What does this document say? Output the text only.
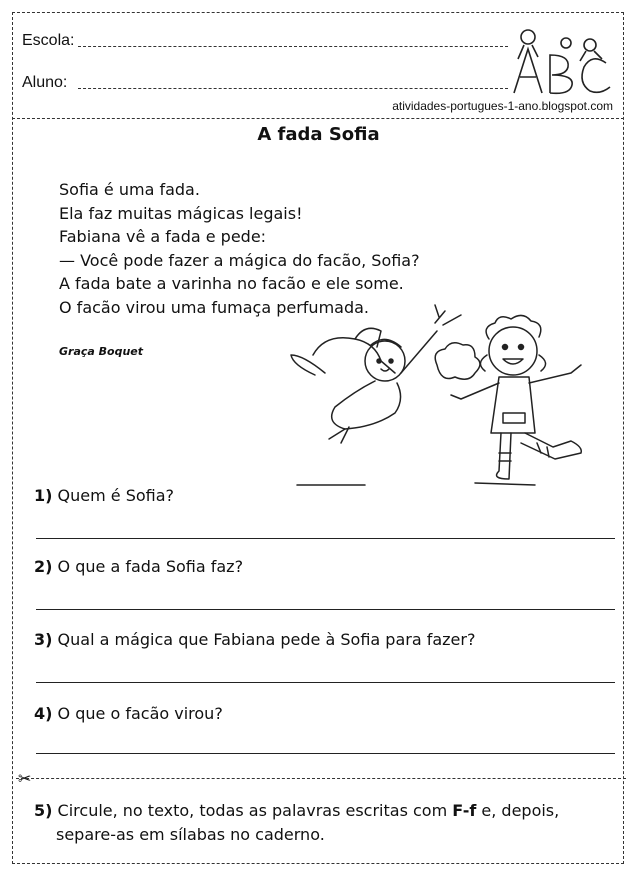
Escola:
Aluno:
atividades-portugues-1-ano.blogspot.com
A fada Sofia
Sofia é uma fada.
Ela faz muitas mágicas legais!
Fabiana vê a fada e pede:
— Você pode fazer a mágica do facão, Sofia?
A fada bate a varinha no facão e ele some.
O facão virou uma fumaça perfumada.
Graça Boquet
1) Quem é Sofia?
2) O que a fada Sofia faz?
3) Qual a mágica que Fabiana pede à Sofia para fazer?
4) O que o facão virou?
✂
5) Circule, no texto, todas as palavras escritas com F-f e, depois,
separe-as em sílabas no caderno.
